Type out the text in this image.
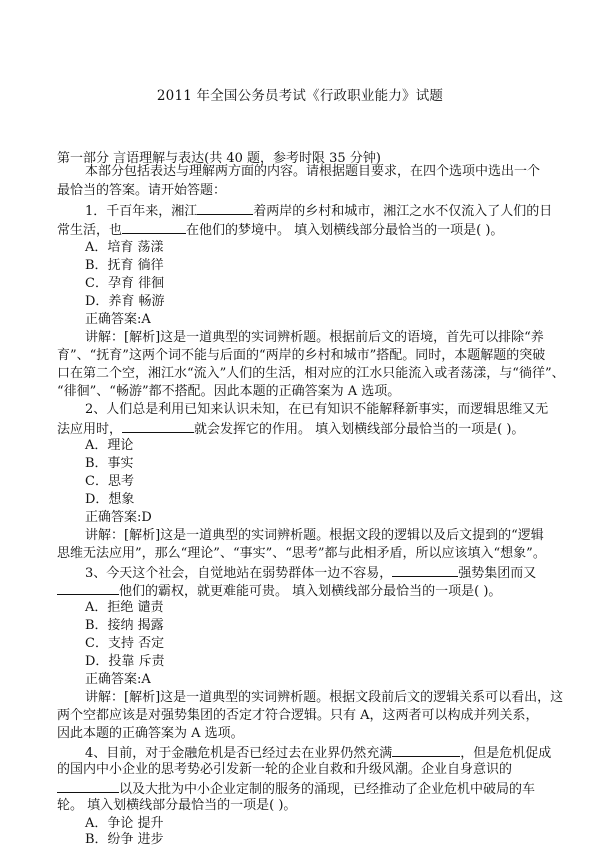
2011 年全国公务员考试《行政职业能力》试题
第一部分 言语理解与表达(共 40 题，参考时限 35 分钟)
本部分包括表达与理解两方面的内容。请根据题目要求，在四个选项中选出一个
最恰当的答案。请开始答题：
1．千百年来，湘江	着两岸的乡村和城市，湘江之水不仅流入了人们的日
常生活，也	在他们的梦境中。 填入划横线部分最恰当的一项是( )。
A．培育 荡漾
B．抚育 徜徉
C．孕育 徘徊
D．养育 畅游
正确答案:A
讲解：[解析]这是一道典型的实词辨析题。根据前后文的语境，首先可以排除“养
育”、“抚育”这两个词不能与后面的“两岸的乡村和城市”搭配。同时，本题解题的突破
口在第二个空，湘江水“流入”人们的生活，相对应的江水只能流入或者荡漾，与“徜徉”、
“徘徊”、“畅游”都不搭配。因此本题的正确答案为 A 选项。
2、人们总是利用已知来认识未知，在已有知识不能解释新事实，而逻辑思维又无
法应用时，	就会发挥它的作用。 填入划横线部分最恰当的一项是( )。
A．理论
B．事实
C．思考
D．想象
正确答案:D
讲解：[解析]这是一道典型的实词辨析题。根据文段的逻辑以及后文提到的“逻辑
思维无法应用”，那么“理论”、“事实”、“思考”都与此相矛盾，所以应该填入“想象”。
3、今天这个社会，自觉地站在弱势群体一边不容易，	强势集团而又
他们的霸权，就更难能可贵。 填入划横线部分最恰当的一项是( )。
A．拒绝 谴责
B．接纳 揭露
C．支持 否定
D．投靠 斥责
正确答案:A
讲解：[解析]这是一道典型的实词辨析题。根据文段前后文的逻辑关系可以看出，这
两个空都应该是对强势集团的否定才符合逻辑。只有 A，这两者可以构成并列关系，
因此本题的正确答案为 A 选项。
4、目前，对于金融危机是否已经过去在业界仍然充满	，但是危机促成
的国内中小企业的思考势必引发新一轮的企业自救和升级风潮。企业自身意识的
以及大批为中小企业定制的服务的涌现，已经推动了企业危机中破局的车
轮。 填入划横线部分最恰当的一项是( )。
A．争论 提升
B．纷争 进步
